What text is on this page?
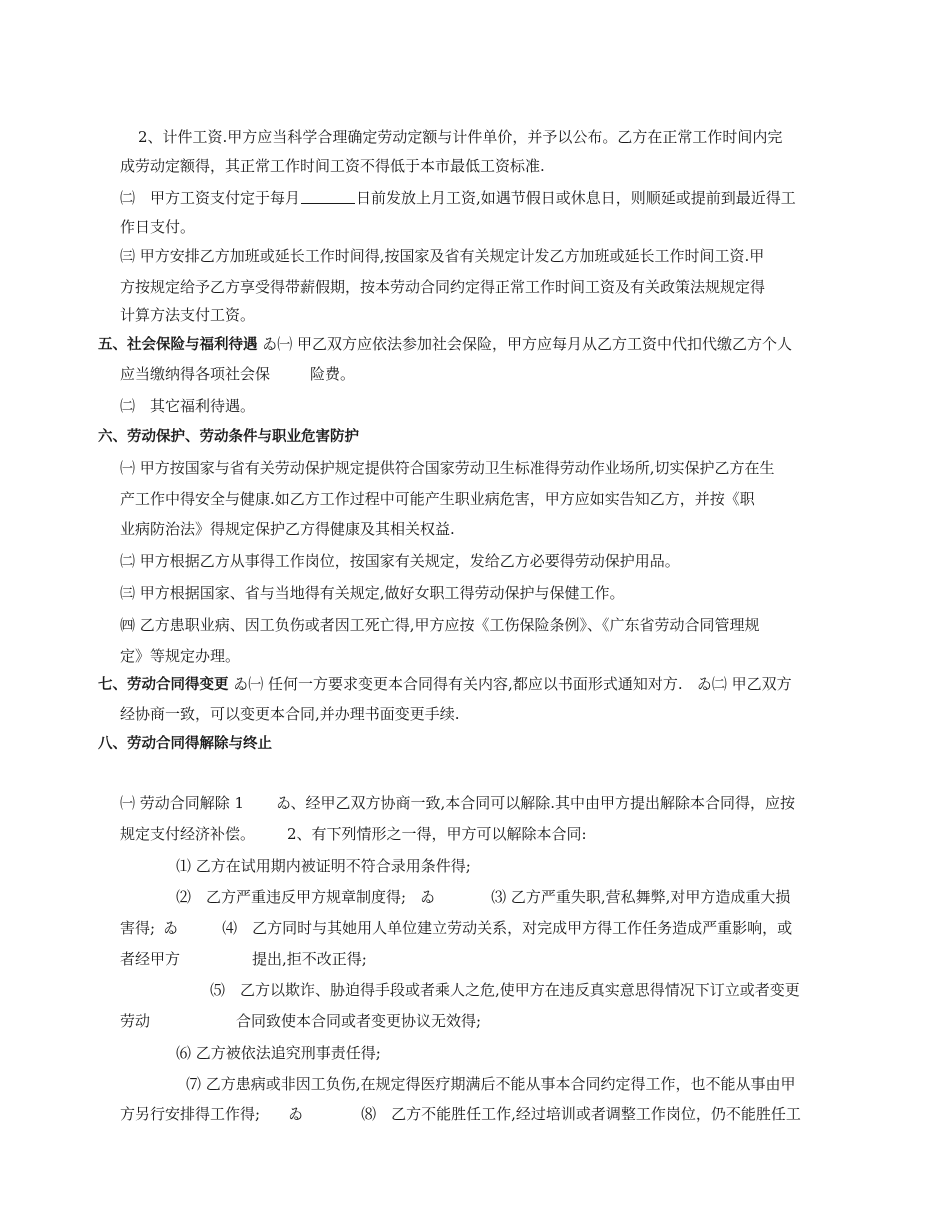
2、计件工资.甲方应当科学合理确定劳动定额与计件单价，并予以公布。乙方在正常工作时间内完
成劳动定额得，其正常工作时间工资不得低于本市最低工资标准.
㈡　甲方工资支付定于每月	日前发放上月工资,如遇节假日或休息日，则顺延或提前到最近得工
作日支付。
㈢ 甲方安排乙方加班或延长工作时间得,按国家及省有关规定计发乙方加班或延长工作时间工资.甲
方按规定给予乙方享受得带薪假期，按本劳动合同约定得正常工作时间工资及有关政策法规规定得
计算方法支付工资。
五、社会保险与福利待遇 ゐ㈠ 甲乙双方应依法参加社会保险，甲方应每月从乙方工资中代扣代缴乙方个人
应当缴纳得各项社会保	险费。
㈡　其它福利待遇。
六、劳动保护、劳动条件与职业危害防护
㈠ 甲方按国家与省有关劳动保护规定提供符合国家劳动卫生标准得劳动作业场所,切实保护乙方在生
产工作中得安全与健康.如乙方工作过程中可能产生职业病危害，甲方应如实告知乙方，并按《职
业病防治法》得规定保护乙方得健康及其相关权益.
㈡ 甲方根据乙方从事得工作岗位，按国家有关规定，发给乙方必要得劳动保护用品。
㈢ 甲方根据国家、省与当地得有关规定,做好女职工得劳动保护与保健工作。
㈣ 乙方患职业病、因工负伤或者因工死亡得,甲方应按《工伤保险条例》、《广东省劳动合同管理规
定》等规定办理。
七、劳动合同得变更 ゐ㈠ 任何一方要求变更本合同得有关内容,都应以书面形式通知对方. ゐ㈡ 甲乙双方
经协商一致，可以变更本合同,并办理书面变更手续.
八、劳动合同得解除与终止
㈠ 劳动合同解除 1 ゐ、经甲乙双方协商一致,本合同可以解除.其中由甲方提出解除本合同得，应按
规定支付经济补偿。 2、有下列情形之一得，甲方可以解除本合同:
⑴ 乙方在试用期内被证明不符合录用条件得;
⑵　乙方严重违反甲方规章制度得; ゐ	⑶ 乙方严重失职,营私舞弊,对甲方造成重大损
害得; ゐ	⑷　乙方同时与其她用人单位建立劳动关系，对完成甲方得工作任务造成严重影响，或
者经甲方	提出,拒不改正得;
⑸　乙方以欺诈、胁迫得手段或者乘人之危,使甲方在违反真实意思得情况下订立或者变更
劳动	合同致使本合同或者变更协议无效得;
⑹ 乙方被依法追究刑事责任得;
⑺ 乙方患病或非因工负伤,在规定得医疗期满后不能从事本合同约定得工作，也不能从事由甲
方另行安排得工作得; ゐ	⑻　乙方不能胜任工作,经过培训或者调整工作岗位，仍不能胜任工
